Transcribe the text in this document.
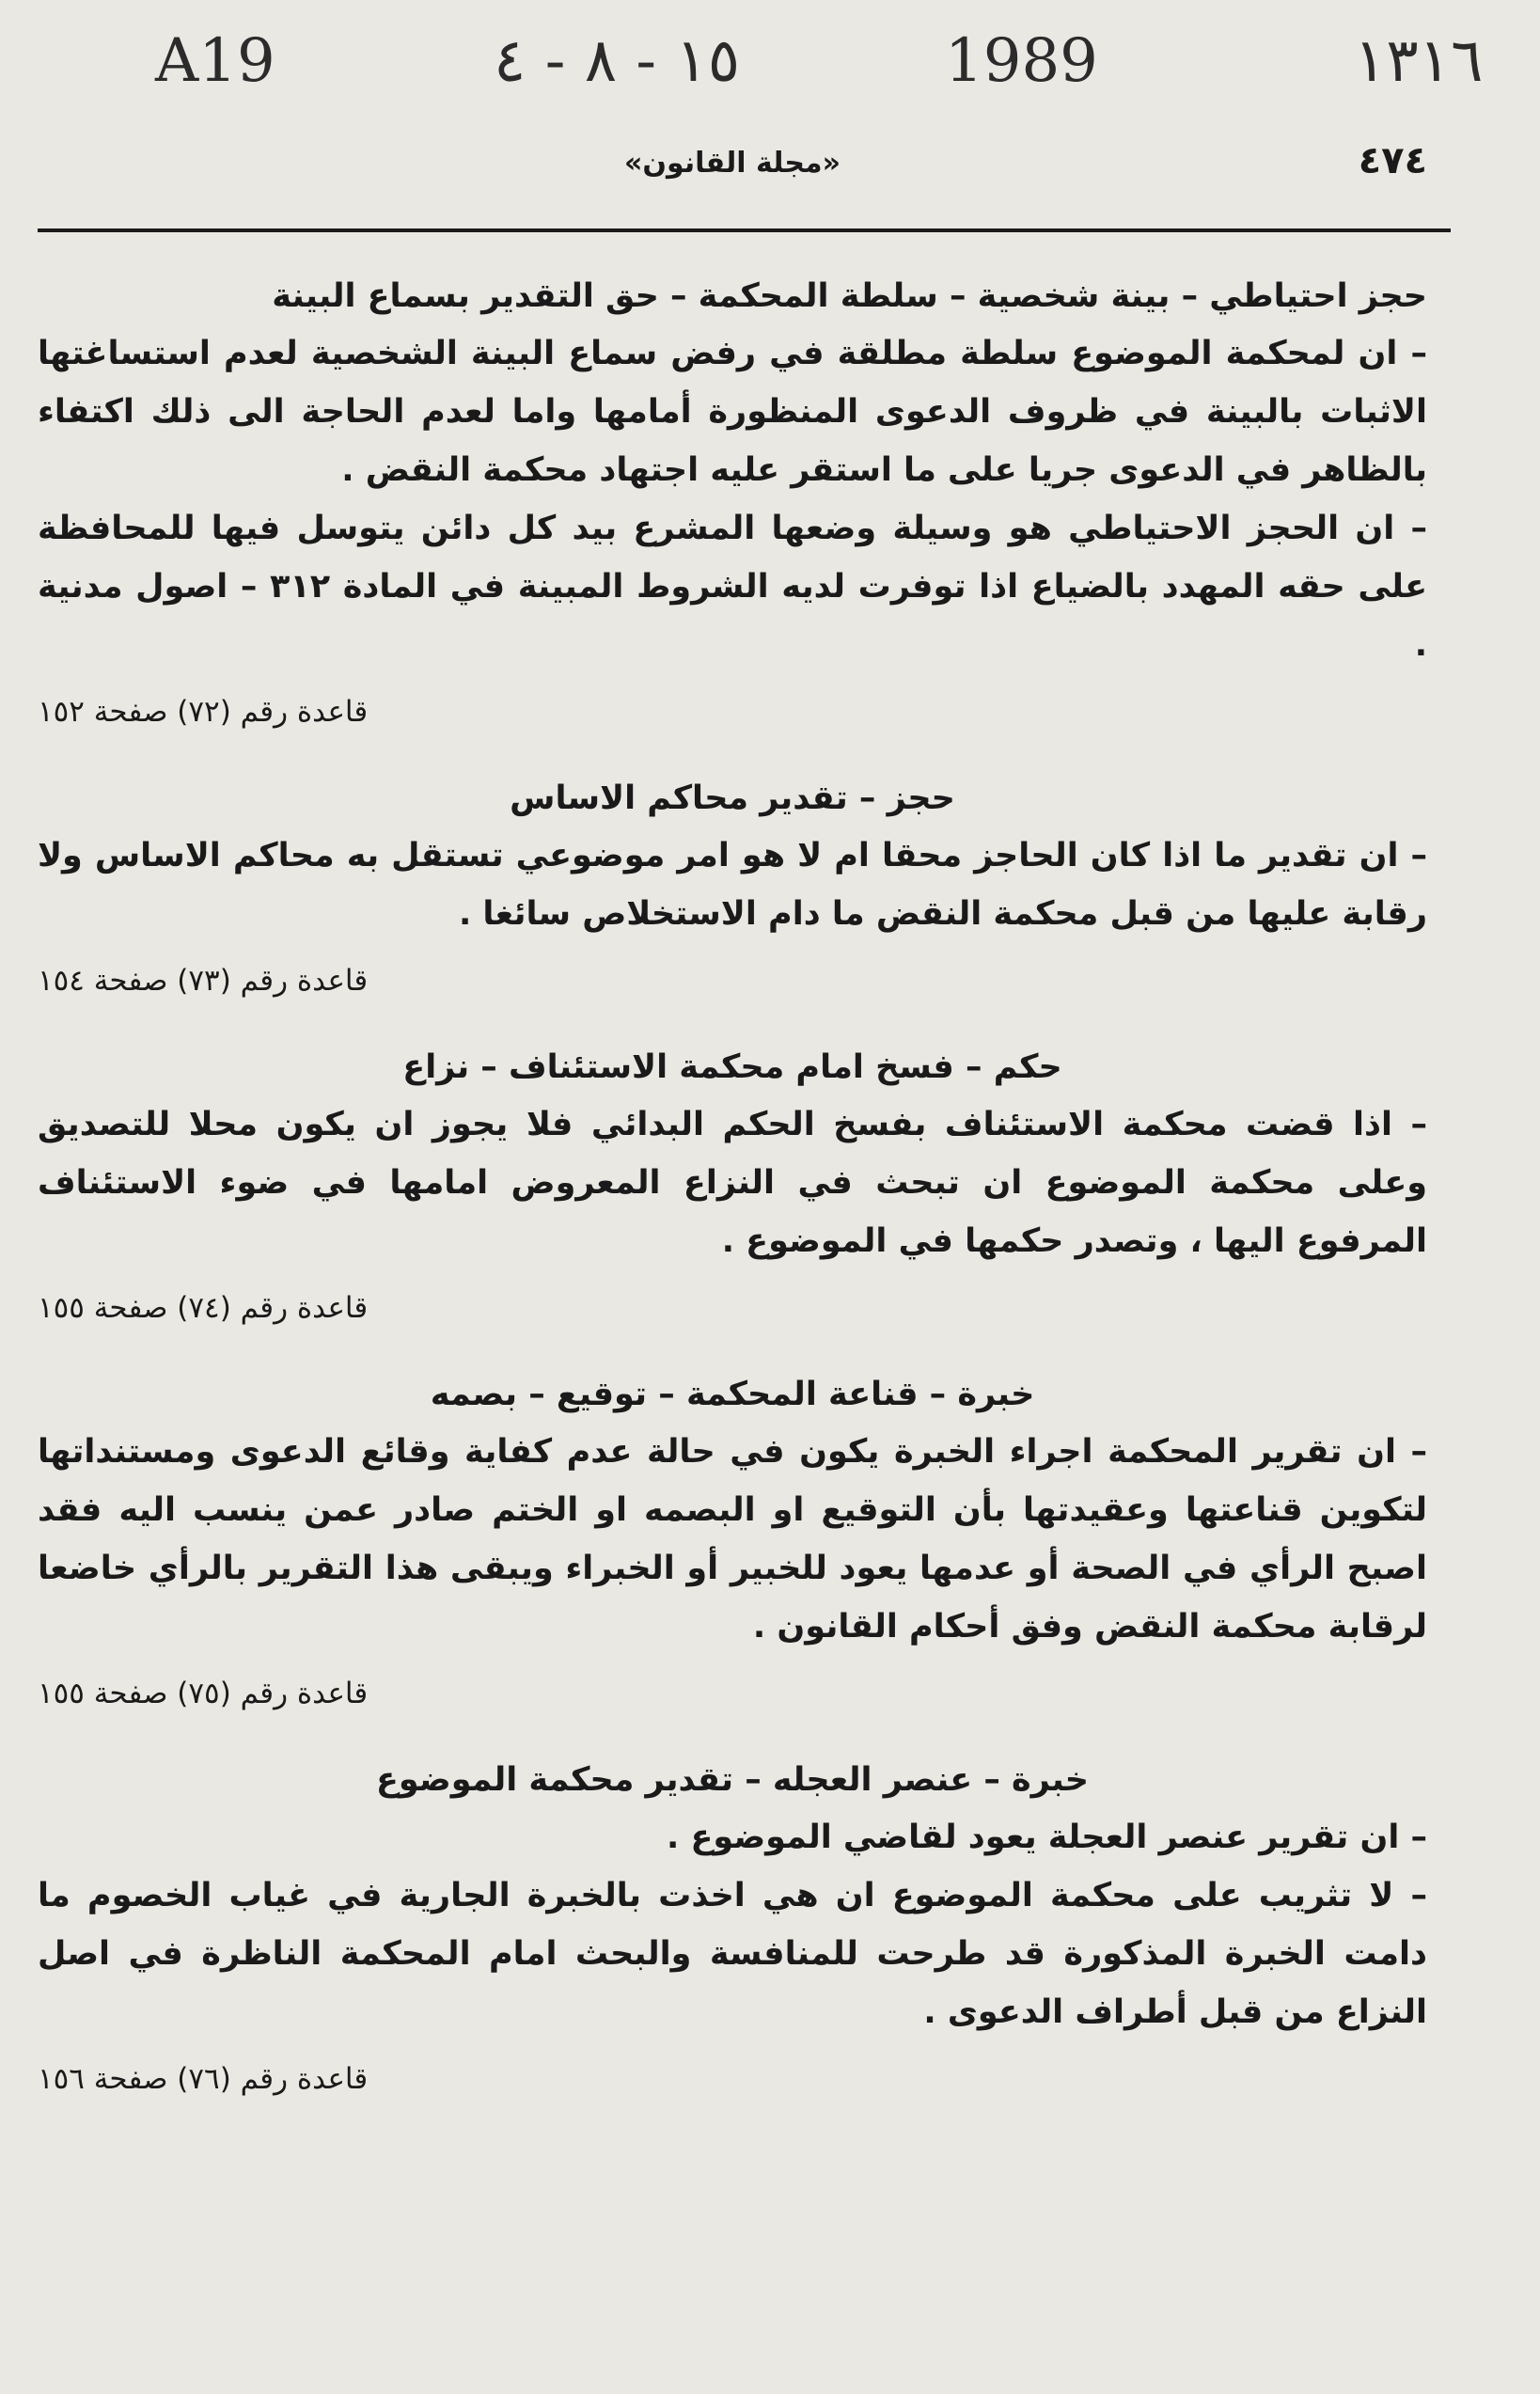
A19	١٥ - ٨ - ٤	1989	١٣١٦
٤٧٤
«مجلة القانون»
حجز احتياطي – بينة شخصية – سلطة المحكمة – حق التقدير بسماع البينة
– ان لمحكمة الموضوع سلطة مطلقة في رفض سماع البينة الشخصية لعدم استساغتها الاثبات بالبينة في ظروف الدعوى المنظورة أمامها واما لعدم الحاجة الى ذلك اكتفاء بالظاهر في الدعوى جريا على ما استقر عليه اجتهاد محكمة النقض .
– ان الحجز الاحتياطي هو وسيلة وضعها المشرع بيد كل دائن يتوسل فيها للمحافظة على حقه المهدد بالضياع اذا توفرت لديه الشروط المبينة في المادة ٣١٢ – اصول مدنية .
قاعدة رقم (٧٢) صفحة ١٥٢
حجز – تقدير محاكم الاساس
– ان تقدير ما اذا كان الحاجز محقا ام لا هو امر موضوعي تستقل به محاكم الاساس ولا رقابة عليها من قبل محكمة النقض ما دام الاستخلاص سائغا .
قاعدة رقم (٧٣) صفحة ١٥٤
حكم – فسخ امام محكمة الاستئناف – نزاع
– اذا قضت محكمة الاستئناف بفسخ الحكم البدائي فلا يجوز ان يكون محلا للتصديق وعلى محكمة الموضوع ان تبحث في النزاع المعروض امامها في ضوء الاستئناف المرفوع اليها ، وتصدر حكمها في الموضوع .
قاعدة رقم (٧٤) صفحة ١٥٥
خبرة – قناعة المحكمة – توقيع – بصمه
– ان تقرير المحكمة اجراء الخبرة يكون في حالة عدم كفاية وقائع الدعوى ومستنداتها لتكوين قناعتها وعقيدتها بأن التوقيع او البصمه او الختم صادر عمن ينسب اليه فقد اصبح الرأي في الصحة أو عدمها يعود للخبير أو الخبراء ويبقى هذا التقرير بالرأي خاضعا لرقابة محكمة النقض وفق أحكام القانون .
قاعدة رقم (٧٥) صفحة ١٥٥
خبرة – عنصر العجله – تقدير محكمة الموضوع
– ان تقرير عنصر العجلة يعود لقاضي الموضوع .
– لا تثريب على محكمة الموضوع ان هي اخذت بالخبرة الجارية في غياب الخصوم ما دامت الخبرة المذكورة قد طرحت للمنافسة والبحث امام المحكمة الناظرة في اصل النزاع من قبل أطراف الدعوى .
قاعدة رقم (٧٦) صفحة ١٥٦
